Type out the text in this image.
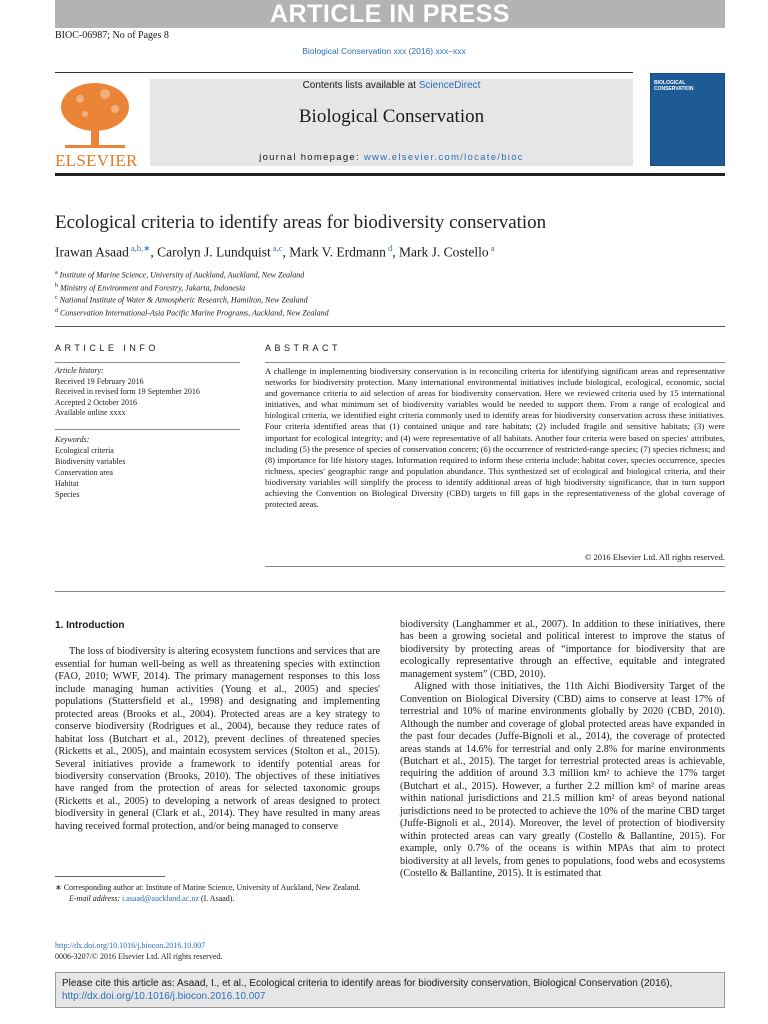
ARTICLE IN PRESS
BIOC-06987; No of Pages 8
Biological Conservation xxx (2016) xxx–xxx
ELSEVIER
Contents lists available at ScienceDirect
Biological Conservation
journal homepage: www.elsevier.com/locate/bioc
BIOLOGICAL CONSERVATION
Ecological criteria to identify areas for biodiversity conservation
Irawan Asaad $^{a,b,∗}$, Carolyn J. Lundquist $^{a,c}$, Mark V. Erdmann $^d$, Mark J. Costello $^a$
$^a$ Institute of Marine Science, University of Auckland, Auckland, New Zealand
$^b$ Ministry of Environment and Forestry, Jakarta, Indonesia
$^c$ National Institute of Water & Atmospheric Research, Hamilton, New Zealand
$^d$ Conservation International-Asia Pacific Marine Programs, Auckland, New Zealand
ARTICLE INFO	ABSTRACT
Article history:
Received 19 February 2016
Received in revised form 19 September 2016
Accepted 2 October 2016
Available online xxxx
Keywords:
Ecological criteria
Biodiversity variables
Conservation area
Habitat
Species
A challenge in implementing biodiversity conservation is in reconciling criteria for identifying significant areas and representative networks for biodiversity protection. Many international environmental initiatives include biological, ecological, economic, social and governance criteria to aid selection of areas for biodiversity conservation. Here we reviewed criteria used by 15 international initiatives, and what minimum set of biodiversity variables would be needed to support them. From a range of ecological and biological criteria, we identified eight criteria commonly used to identify areas for biodiversity conservation across these initiatives. Four criteria identified areas that (1) contained unique and rare habitats; (2) included fragile and sensitive habitats; (3) were important for ecological integrity; and (4) were representative of all habitats. Another four criteria were based on species' attributes, including (5) the presence of species of conservation concern; (6) the occurrence of restricted-range species; (7) species richness; and (8) importance for life history stages. Information required to inform these criteria include: habitat cover, species occurrence, species richness, species' geographic range and population abundance. This synthesized set of ecological and biological criteria, and their biodiversity variables will simplify the process to identify additional areas of high biodiversity significance, that in turn support achieving the Convention on Biological Diversity (CBD) targets to fill gaps in the representativeness of the global coverage of protected areas.
© 2016 Elsevier Ltd. All rights reserved.
1. Introduction

The loss of biodiversity is altering ecosystem functions and services that are essential for human well-being as well as threatening species with extinction (FAO, 2010; WWF, 2014). The primary management responses to this loss include managing human activities (Young et al., 2005) and species' populations (Stattersfield et al., 1998) and designating and implementing protected areas (Brooks et al., 2004). Protected areas are a key strategy to conserve biodiversity (Rodrigues et al., 2004), because they reduce rates of habitat loss (Butchart et al., 2012), prevent declines of threatened species (Ricketts et al., 2005), and maintain ecosystem services (Stolton et al., 2015). Several initiatives provide a framework to identify potential areas for biodiversity conservation (Brooks, 2010). The objectives of these initiatives have ranged from the protection of areas for selected taxonomic groups (Ricketts et al., 2005) to developing a network of areas designed to protect biodiversity in general (Clark et al., 2014). They have resulted in many areas having received formal protection, and/or being managed to conserve

biodiversity (Langhammer et al., 2007). In addition to these initiatives, there has been a growing societal and political interest to improve the status of biodiversity by protecting areas of “importance for biodiversity that are ecologically representative through an effective, equitable and integrated management system” (CBD, 2010).

Aligned with those initiatives, the 11th Aichi Biodiversity Target of the Convention on Biological Diversity (CBD) aims to conserve at least 17% of terrestrial and 10% of marine environments globally by 2020 (CBD, 2010). Although the number and coverage of global protected areas have expanded in the past four decades (Juffe-Bignoli et al., 2014), the coverage of protected areas stands at 14.6% for terrestrial and only 2.8% for marine environments (Butchart et al., 2015). The target for terrestrial protected areas is achievable, requiring the addition of around 3.3 million km² to achieve the 17% target (Butchart et al., 2015). However, a further 2.2 million km² of marine areas within national jurisdictions and 21.5 million km² of areas beyond national jurisdictions need to be protected to achieve the 10% of the marine CBD target (Juffe-Bignoli et al., 2014). Moreover, the level of protection of biodiversity within protected areas can vary greatly (Costello & Ballantine, 2015). For example, only 0.7% of the oceans is within MPAs that aim to protect biodiversity at all levels, from genes to populations, food webs and ecosystems (Costello & Ballantine, 2015). It is estimated that

∗ Corresponding author at: Institute of Marine Science, University of Auckland, New Zealand.
E-mail address: i.asaad@auckland.ac.nz (I. Asaad).
http://dx.doi.org/10.1016/j.biocon.2016.10.007
0006-3207/© 2016 Elsevier Ltd. All rights reserved.
Please cite this article as: Asaad, I., et al., Ecological criteria to identify areas for biodiversity conservation, Biological Conservation (2016), http://dx.doi.org/10.1016/j.biocon.2016.10.007
